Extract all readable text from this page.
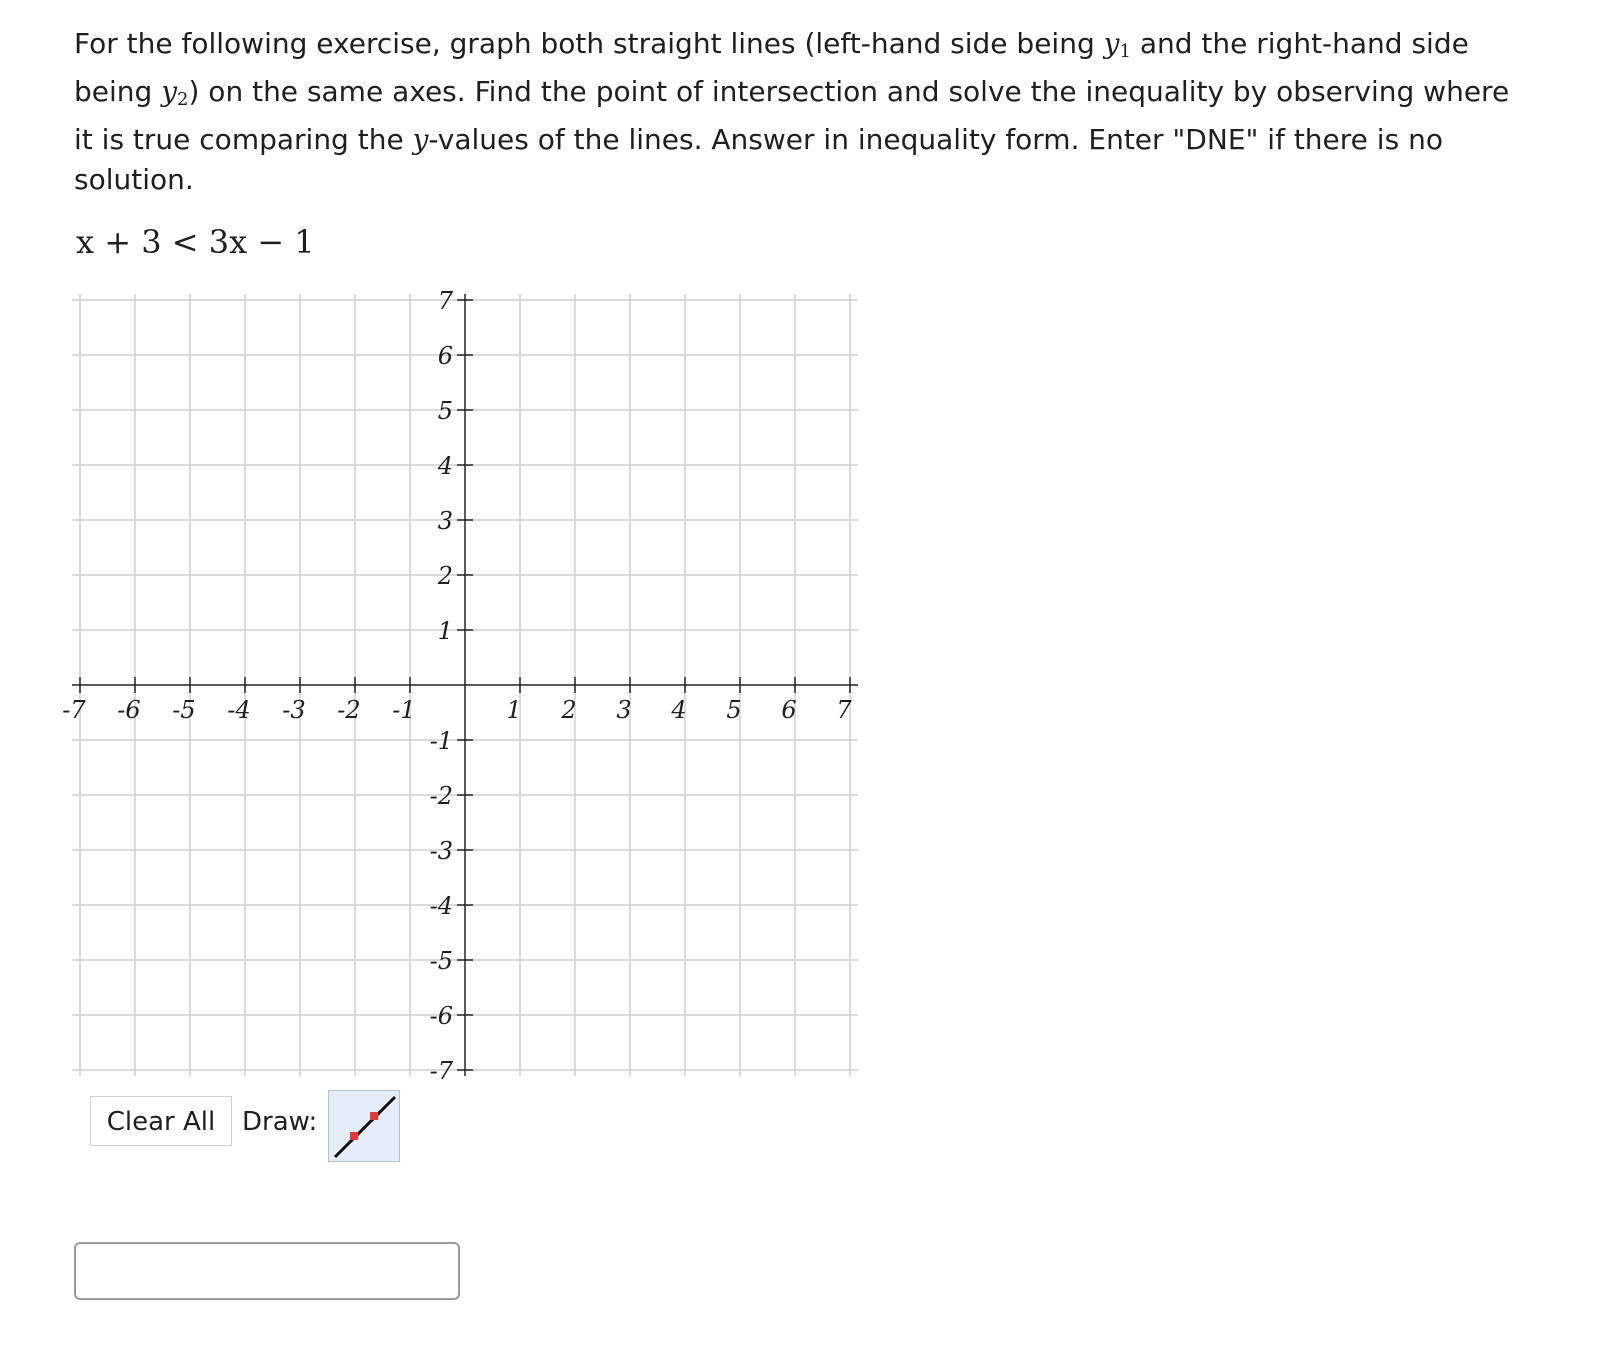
For the following exercise, graph both straight lines (left-hand side being $y_1$ and the right-hand side being $y_2$) on the same axes. Find the point of intersection and solve the inequality by observing where it is true comparing the y-values of the lines. Answer in inequality form. Enter "DNE" if there is no solution.
x + 3 < 3x − 1
-7 -6 -5 -4 -3 -2 -1	1 2 3 4 5 6 7
7
6
5
4
3
2
1
-1
-2
-3
-4
-5
-6
-7
Clear All	Draw:
